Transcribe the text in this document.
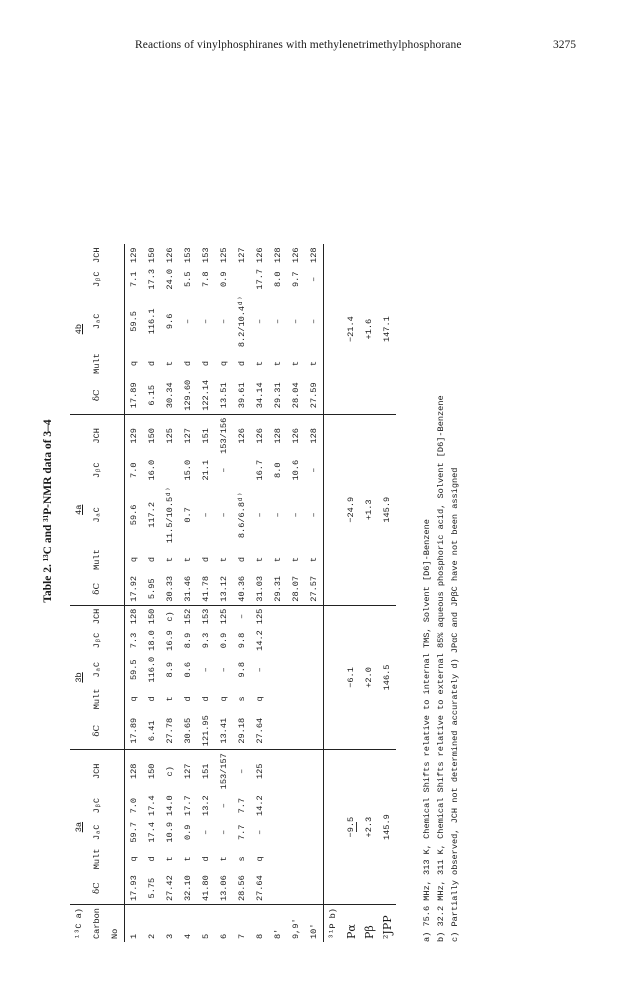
Reactions of vinylphosphiranes with methylenetrimethylphosphorane	3275
Table 2. ¹³C and ³¹P-NMR data of 3–4
¹³C a)	3a					3b					4a					4b				
Carbon	δC	Mult	JₐC	JᵦC	JCH	δC	Mult	JₐC	JᵦC	JCH	δC	Mult	JₐC	JᵦC	JCH	δC	Mult	JₐC	JᵦC	JCH
No																				
1	17.93	q	59.7	7.0	128	17.89	q	59.5	7.3	128	17.92	q	59.6	7.0	129	17.89	q	59.5	7.1	129
2	5.75	d	17.4	17.4	150	6.41	d	116.0	18.0	150	5.95	d	117.2	16.0	150	6.15	d	116.1	17.3	150
3	27.42	t	10.9	14.0	c)	27.78	t	8.9	16.9	c)	30.33	t	11.5/10.5ᵈ⁾		125	30.34	t	9.6	24.0	126
4	32.10	t	0.9	17.7	127	30.65	d	0.6	8.9	152	31.46	t	0.7	15.0	127	129.60	d	–	5.5	153
5	41.80	d	–	13.2	151	121.95	d	–	9.3	153	41.78	d	–	21.1	151	122.14	d	–	7.8	153
6	13.06	t	–	–	153/157	13.41	q	–	0.9	125	13.12	t	–	–	153/156	13.51	q	–	0.9	125
7	28.56	s	7.7	7.7	–	29.18	s	9.8	9.8	–	40.36	d	8.6/6.8ᵈ⁾		126	39.61	d	8.2/10.4ᵈ⁾		127
8	27.64	q	–	14.2	125	27.64	q	–	14.2	125	31.03	t	–	16.7	126	34.14	t	–	17.7	126
8'											29.31	t	–	8.0	128	29.31	t	–	8.0	128
9,9'											28.07	t	–	10.6	126	28.04	t	–	9.7	126
10'											27.57	t	–	–	128	27.59	t	–	–	128
³¹P b)																				
Pα	−9.5					−6.1					−24.9					−21.4				
Pβ	+2.3					+2.0					+1.3					+1.6				
²JPP	145.9					146.5					145.9					147.1				
a) 75.6 MHz, 313 K, Chemical Shifts relative to internal TMS, Solvent [D6]-Benzene b) 32.2 MHz, 311 K, Chemical Shifts relative to external 85% aqueous phosphoric acid, Solvent [D6]-Benzene c) Partially observed, JCH not determined accurately d) JPαC and JPβC have not been assigned
